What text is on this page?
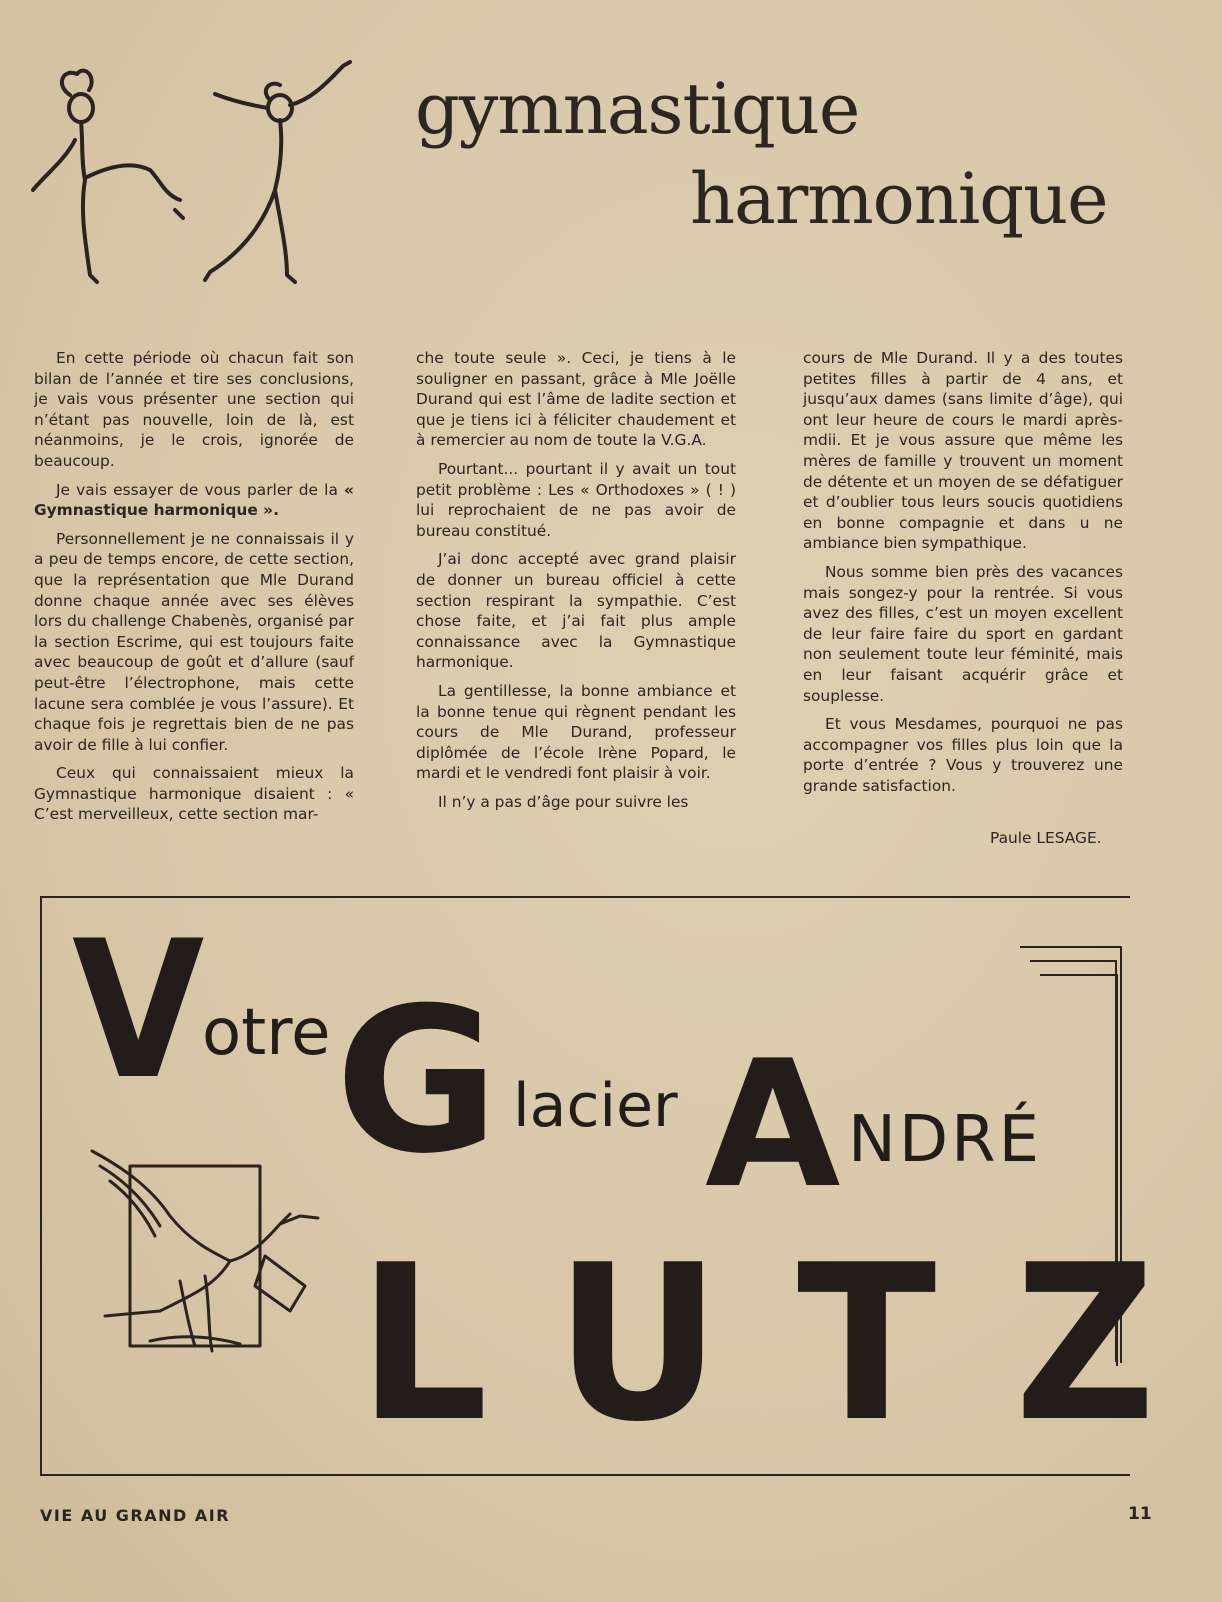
gymnastique
harmonique

En cette période où chacun fait son bilan de l’année et tire ses conclusions, je vais vous présenter une section qui n’étant pas nouvelle, loin de là, est néanmoins, je le crois, ignorée de beaucoup.

Je vais essayer de vous parler de la « Gymnastique harmonique ».

Personnellement je ne connaissais il y a peu de temps encore, de cette section, que la représentation que Mle Durand donne chaque année avec ses élèves lors du challenge Chabenès, organisé par la section Escrime, qui est toujours faite avec beaucoup de goût et d’allure (sauf peut-être l’électrophone, mais cette lacune sera comblée je vous l’assure). Et chaque fois je regrettais bien de ne pas avoir de fille à lui confier.

Ceux qui connaissaient mieux la Gymnastique harmonique disaient : « C’est merveilleux, cette section mar-

che toute seule ». Ceci, je tiens à le souligner en passant, grâce à Mle Joëlle Durand qui est l’âme de ladite section et que je tiens ici à féliciter chaudement et à remercier au nom de toute la V.G.A.

Pourtant... pourtant il y avait un tout petit problème : Les « Orthodoxes » ( ! ) lui reprochaient de ne pas avoir de bureau constitué.

J’ai donc accepté avec grand plaisir de donner un bureau officiel à cette section respirant la sympathie. C’est chose faite, et j’ai fait plus ample connaissance avec la Gymnastique harmonique.

La gentillesse, la bonne ambiance et la bonne tenue qui règnent pendant les cours de Mle Durand, professeur diplômée de l’école Irène Popard, le mardi et le vendredi font plaisir à voir.

Il n’y a pas d’âge pour suivre les

cours de Mle Durand. Il y a des toutes petites filles à partir de 4 ans, et jusqu’aux dames (sans limite d’âge), qui ont leur heure de cours le mardi après-mdii. Et je vous assure que même les mères de famille y trouvent un moment de détente et un moyen de se défatiguer et d’oublier tous leurs soucis quotidiens en bonne compagnie et dans u ne ambiance bien sympathique.

Nous somme bien près des vacances mais songez-y pour la rentrée. Si vous avez des filles, c’est un moyen excellent de leur faire faire du sport en gardant non seulement toute leur féminité, mais en leur faisant acquérir grâce et souplesse.

Et vous Mesdames, pourquoi ne pas accompagner vos filles plus loin que la porte d’entrée ? Vous y trouverez une grande satisfaction.

Paule LESAGE.
V
otre G lacier A NDRÉ
L U T Z
VIE AU GRAND AIR	11
